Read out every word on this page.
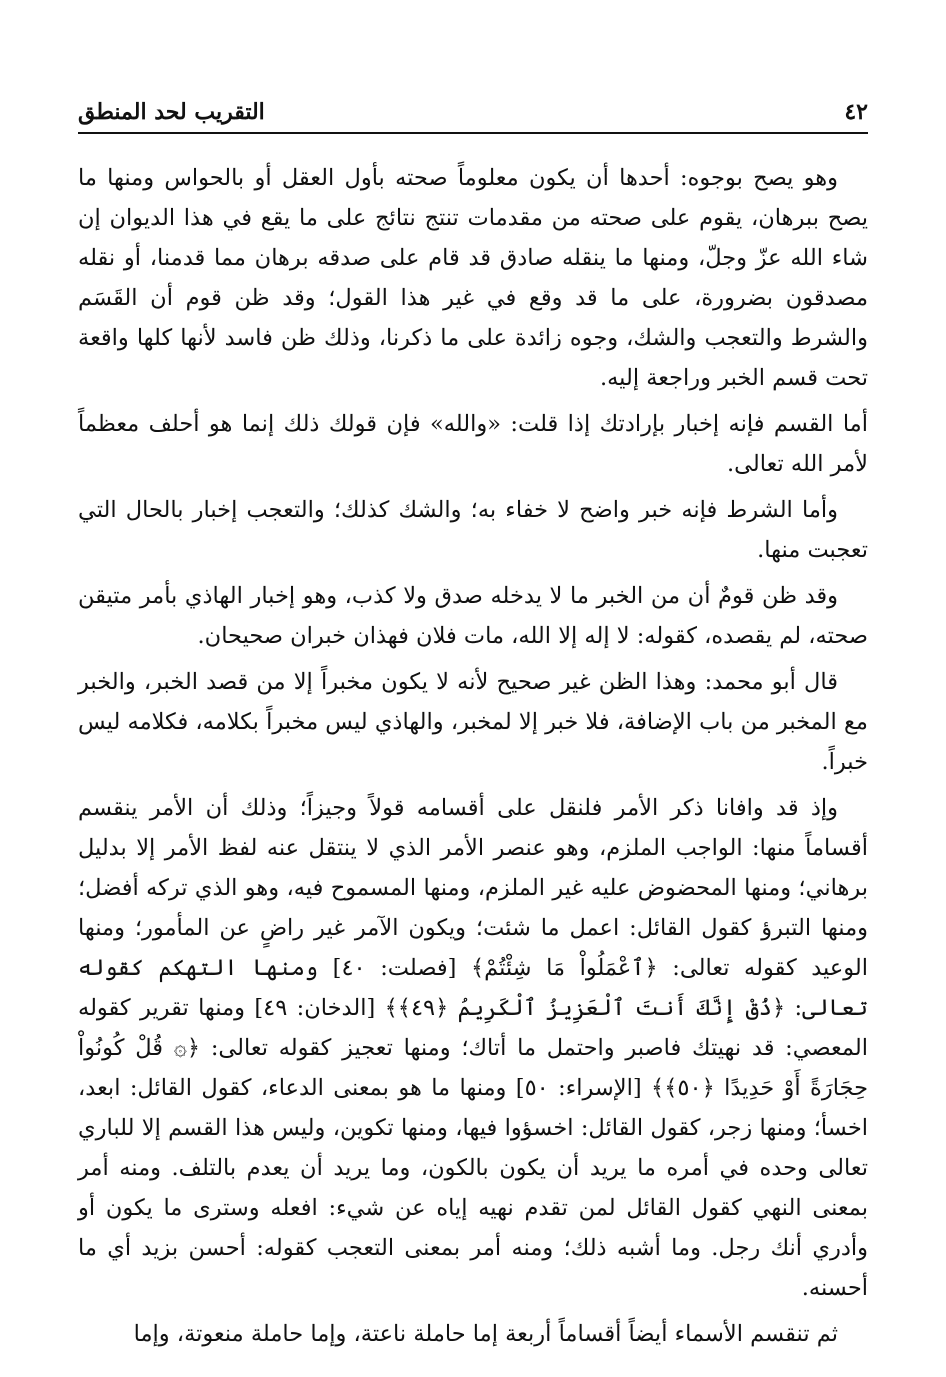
٤٢
التقريب لحد المنطق

وهو يصح بوجوه: أحدها أن يكون معلوماً صحته بأول العقل أو بالحواس ومنها ما يصح ببرهان، يقوم على صحته من مقدمات تنتج نتائج على ما يقع في هذا الديوان إن شاء الله عزّ وجلّ، ومنها ما ينقله صادق قد قام على صدقه برهان مما قدمنا، أو نقله مصدقون بضرورة، على ما قد وقع في غير هذا القول؛ وقد ظن قوم أن القَسَم والشرط والتعجب والشك، وجوه زائدة على ما ذكرنا، وذلك ظن فاسد لأنها كلها واقعة تحت قسم الخبر وراجعة إليه.

أما القسم فإنه إخبار بإرادتك إذا قلت: «والله» فإن قولك ذلك إنما هو أحلف معظماً لأمر الله تعالى.

وأما الشرط فإنه خبر واضح لا خفاء به؛ والشك كذلك؛ والتعجب إخبار بالحال التي تعجبت منها.

وقد ظن قومٌ أن من الخبر ما لا يدخله صدق ولا كذب، وهو إخبار الهاذي بأمر متيقن صحته، لم يقصده، كقوله: لا إله إلا الله، مات فلان فهذان خبران صحيحان.

قال أبو محمد: وهذا الظن غير صحيح لأنه لا يكون مخبراً إلا من قصد الخبر، والخبر مع المخبر من باب الإضافة، فلا خبر إلا لمخبر، والهاذي ليس مخبراً بكلامه، فكلامه ليس خبراً.

وإذ قد وافانا ذكر الأمر فلنقل على أقسامه قولاً وجيزاً؛ وذلك أن الأمر ينقسم أقساماً منها: الواجب الملزم، وهو عنصر الأمر الذي لا ينتقل عنه لفظ الأمر إلا بدليل برهاني؛ ومنها المحضوض عليه غير الملزم، ومنها المسموح فيه، وهو الذي تركه أفضل؛ ومنها التبرؤ كقول القائل: اعمل ما شئت؛ ويكون الآمر غير راضٍ عن المأمور؛ ومنها الوعيد كقوله تعالى: ﴿ٱعْمَلُواْ مَا شِئْتُمْ﴾ [فصلت: ٤٠] ومنها التهكم كقوله تعالى: ﴿ذُقْ إِنَّكَ أَنتَ ٱلْعَزِيزُ ٱلْكَرِيمُ ﴿٤٩﴾﴾ [الدخان: ٤٩] ومنها تقرير كقوله المعصي: قد نهيتك فاصبر واحتمل ما أتاك؛ ومنها تعجيز كقوله تعالى: ﴿۞ قُلْ كُونُواْ حِجَارَةً أَوْ حَدِيدًا ﴿٥٠﴾﴾ [الإسراء: ٥٠] ومنها ما هو بمعنى الدعاء، كقول القائل: ابعد، اخسأ؛ ومنها زجر، كقول القائل: اخسؤوا فيها، ومنها تكوين، وليس هذا القسم إلا للباري تعالى وحده في أمره ما يريد أن يكون بالكون، وما يريد أن يعدم بالتلف. ومنه أمر بمعنى النهي كقول القائل لمن تقدم نهيه إياه عن شيء: افعله وسترى ما يكون أو وأدري أنك رجل. وما أشبه ذلك؛ ومنه أمر بمعنى التعجب كقوله: أحسن بزيد أي ما أحسنه.

ثم تنقسم الأسماء أيضاً أقساماً أربعة إما حاملة ناعتة، وإما حاملة منعوتة، وإما
